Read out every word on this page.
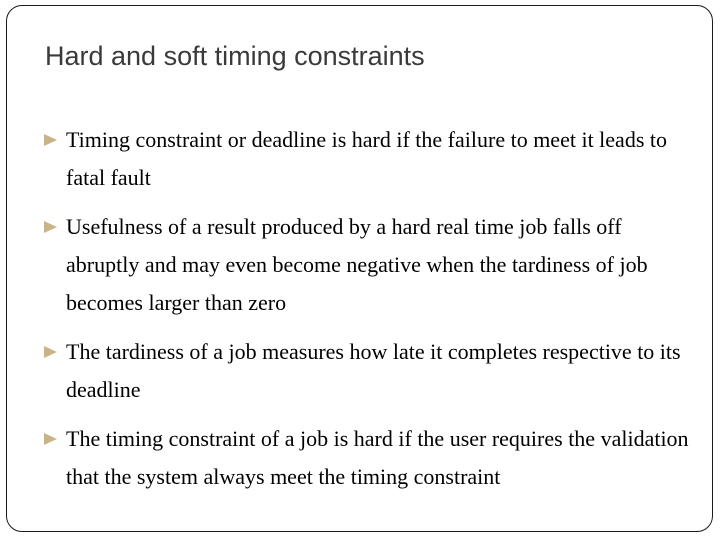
Hard and soft timing constraints
Timing constraint or deadline is hard if the failure to meet it leads to fatal fault
Usefulness of a result produced by a hard real time job falls off abruptly and may even become negative when the tardiness of job becomes larger than zero
The tardiness of a job measures how late it completes respective to its deadline
The timing constraint of a job is hard if the user requires the validation that the system always meet the timing constraint
